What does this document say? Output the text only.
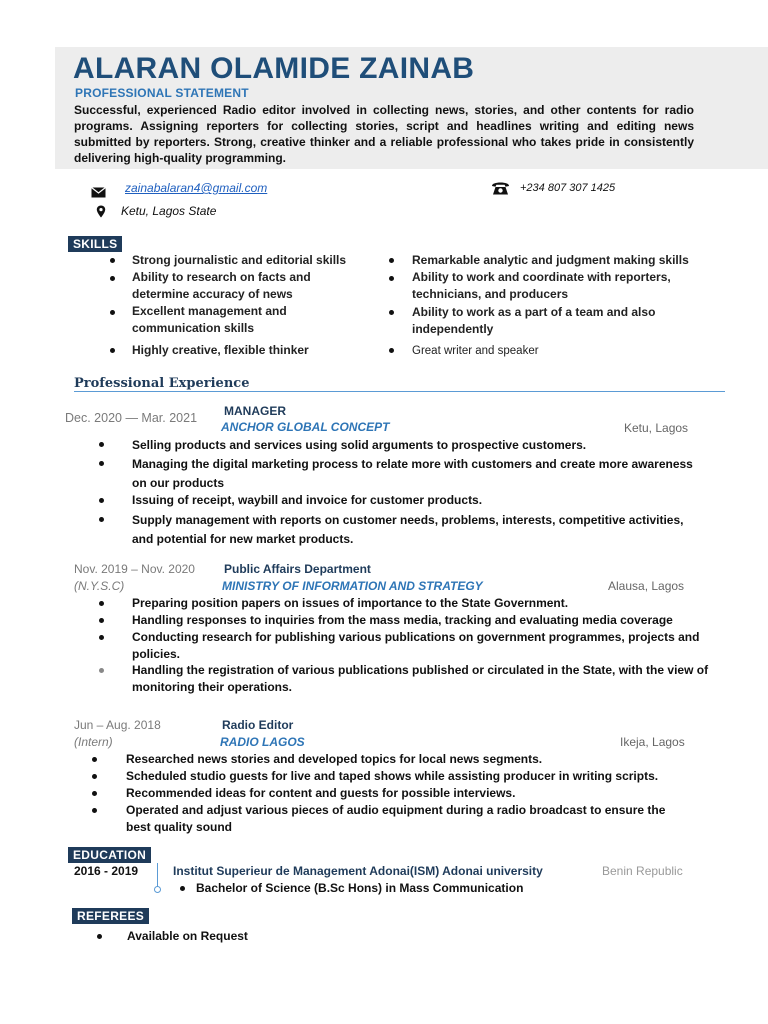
ALARAN OLAMIDE ZAINAB
PROFESSIONAL STATEMENT
Successful, experienced Radio editor involved in collecting news, stories, and other contents for radio programs. Assigning reporters for collecting stories, script and headlines writing and editing news submitted by reporters. Strong, creative thinker and a reliable professional who takes pride in consistently delivering high-quality programming.
zainabalaran4@gmail.com
Ketu, Lagos State
+234 807 307 1425
SKILLS
Strong journalistic and editorial skills
Ability to research on facts and determine accuracy of news
Excellent management and communication skills
Highly creative, flexible thinker
Remarkable analytic and judgment making skills
Ability to work and coordinate with reporters, technicians, and producers
Ability to work as a part of a team and also independently
Great writer and speaker
Professional Experience
Dec. 2020 — Mar. 2021 MANAGER
ANCHOR GLOBAL CONCEPT	Ketu, Lagos
Selling products and services using solid arguments to prospective customers.
Managing the digital marketing process to relate more with customers and create more awareness on our products
Issuing of receipt, waybill and invoice for customer products.
Supply management with reports on customer needs, problems, interests, competitive activities, and potential for new market products.
Nov. 2019 – Nov. 2020
(N.Y.S.C)
Public Affairs Department
MINISTRY OF INFORMATION AND STRATEGY	Alausa, Lagos
Preparing position papers on issues of importance to the State Government.
Handling responses to inquiries from the mass media, tracking and evaluating media coverage
Conducting research for publishing various publications on government programmes, projects and policies.
Handling the registration of various publications published or circulated in the State, with the view of monitoring their operations.
Jun – Aug. 2018
(Intern)
Radio Editor
RADIO LAGOS	Ikeja, Lagos
Researched news stories and developed topics for local news segments.
Scheduled studio guests for live and taped shows while assisting producer in writing scripts.
Recommended ideas for content and guests for possible interviews.
Operated and adjust various pieces of audio equipment during a radio broadcast to ensure the best quality sound
EDUCATION
2016 - 2019	Institut Superieur de Management Adonai(ISM) Adonai university	Benin Republic
Bachelor of Science (B.Sc Hons) in Mass Communication
REFEREES
Available on Request
